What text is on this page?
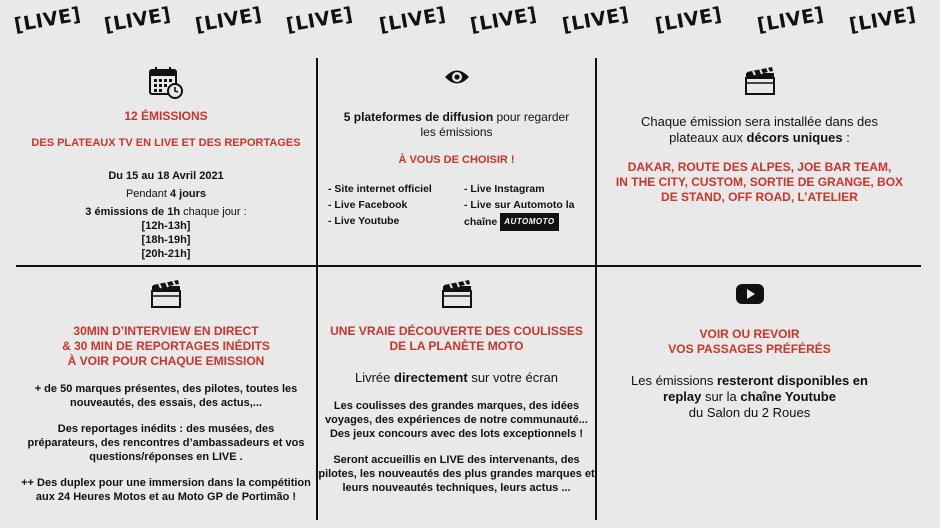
[LIVE] [LIVE] [LIVE] [LIVE] [LIVE] [LIVE] [LIVE] [LIVE] [LIVE] [LIVE]
12 ÉMISSIONS
DES PLATEAUX TV EN LIVE ET DES REPORTAGES
Du 15 au 18 Avril 2021
Pendant 4 jours
3 émissions de 1h chaque jour :
[12h-13h]
[18h-19h]
[20h-21h]
5 plateformes de diffusion pour regarder
les émissions
À VOUS DE CHOISIR !
- Site internet officiel
- Live Facebook
- Live Youtube
- Live Instagram
- Live sur Automoto la
chaîne AUTOMOTO
Chaque émission sera installée dans des
plateaux aux décors uniques :
DAKAR, ROUTE DES ALPES, JOE BAR TEAM,
IN THE CITY, CUSTOM, SORTIE DE GRANGE, BOX
DE STAND, OFF ROAD, L’ATELIER
30MIN D’INTERVIEW EN DIRECT
& 30 MIN DE REPORTAGES INÉDITS
À VOIR POUR CHAQUE EMISSION
+ de 50 marques présentes, des pilotes, toutes les
nouveautés, des essais, des actus,...
Des reportages inédits : des musées, des
préparateurs, des rencontres d’ambassadeurs et vos
questions/réponses en LIVE .
++ Des duplex pour une immersion dans la compétition
aux 24 Heures Motos et au Moto GP de Portimão !
UNE VRAIE DÉCOUVERTE DES COULISSES
DE LA PLANÈTE MOTO
Livrée directement sur votre écran
Les coulisses des grandes marques, des idées
voyages, des expériences de notre communauté...
Des jeux concours avec des lots exceptionnels !
Seront accueillis en LIVE des intervenants, des
pilotes, les nouveautés des plus grandes marques et
leurs nouveautés techniques, leurs actus ...
VOIR OU REVOIR
VOS PASSAGES PRÉFÉRÉS
Les émissions resteront disponibles en
replay sur la chaîne Youtube
du Salon du 2 Roues
